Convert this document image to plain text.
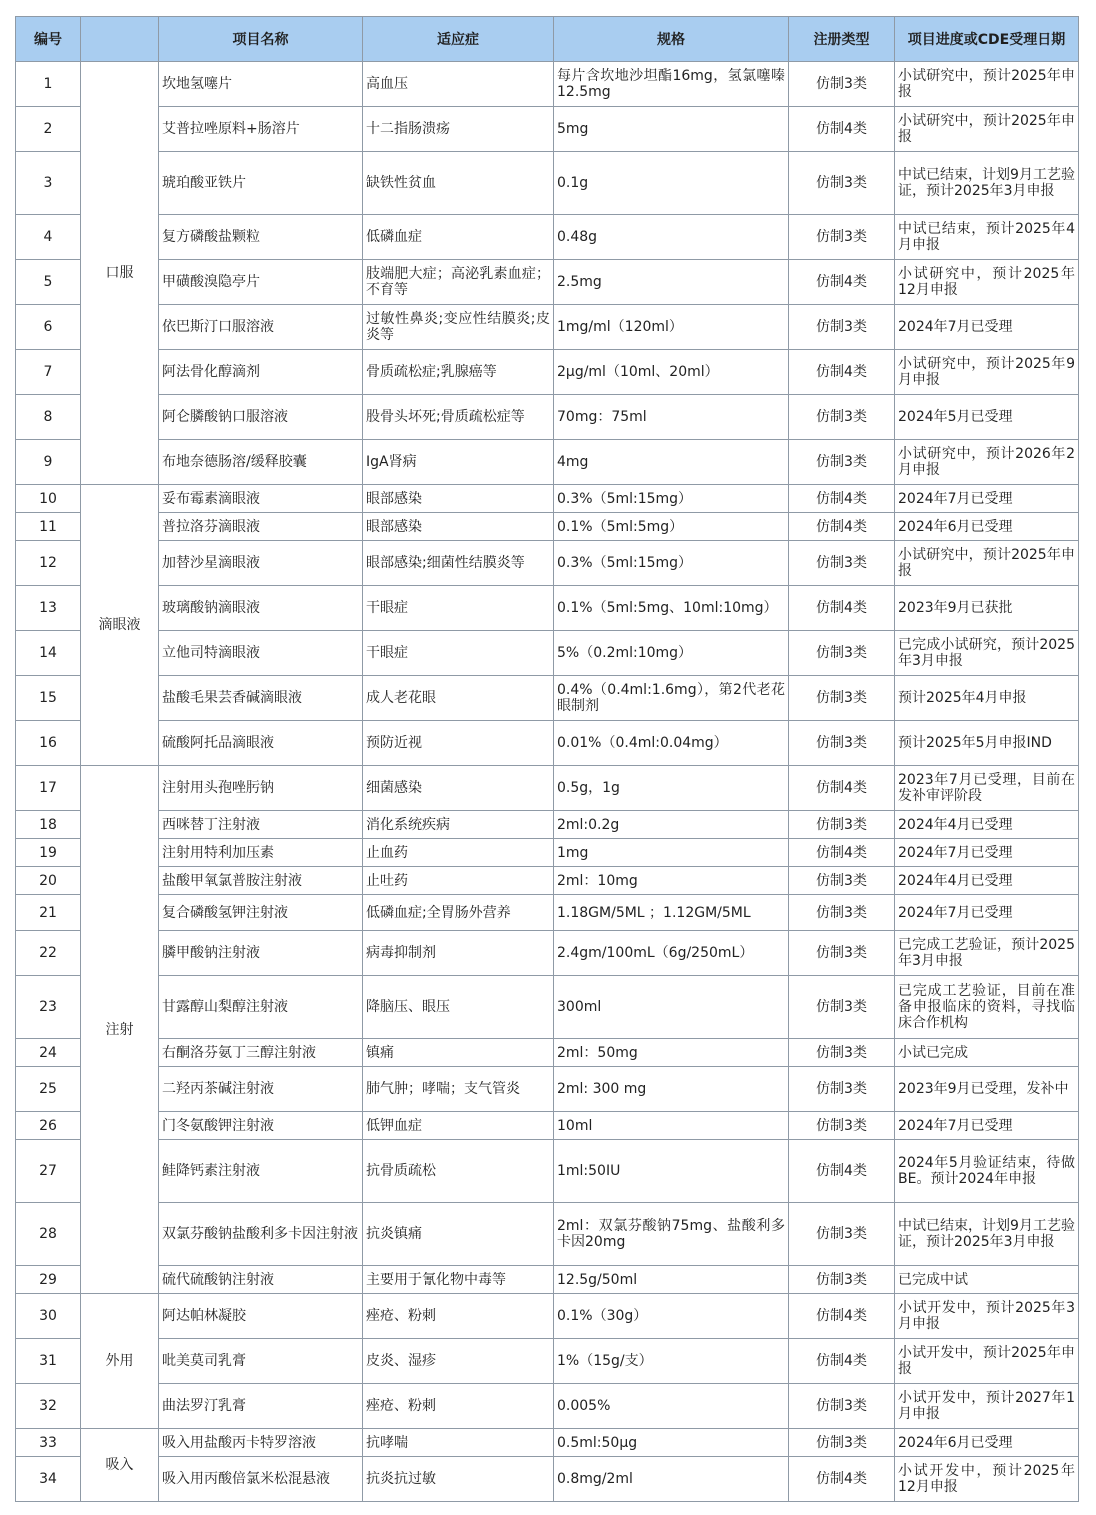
编号		项目名称	适应症	规格	注册类型	项目进度或CDE受理日期
1	口服	坎地氢噻片	高血压	每片含坎地沙坦酯16mg，氢氯噻嗪12.5mg	仿制3类	小试研究中，预计2025年申报
2		艾普拉唑原料+肠溶片	十二指肠溃疡	5mg	仿制4类	小试研究中，预计2025年申报
3		琥珀酸亚铁片	缺铁性贫血	0.1g	仿制3类	中试已结束，计划9月工艺验证，预计2025年3月申报
4		复方磷酸盐颗粒	低磷血症	0.48g	仿制3类	中试已结束，预计2025年4月申报
5		甲磺酸溴隐亭片	肢端肥大症；高泌乳素血症；不育等	2.5mg	仿制4类	小试研究中，预计2025年12月申报
6		依巴斯汀口服溶液	过敏性鼻炎;变应性结膜炎;皮炎等	1mg/ml（120ml）	仿制3类	2024年7月已受理
7		阿法骨化醇滴剂	骨质疏松症;乳腺癌等	2μg/ml（10ml、20ml）	仿制4类	小试研究中，预计2025年9月申报
8		阿仑膦酸钠口服溶液	股骨头坏死;骨质疏松症等	70mg：75ml	仿制3类	2024年5月已受理
9		布地奈德肠溶/缓释胶囊	IgA肾病	4mg	仿制3类	小试研究中，预计2026年2月申报
10	滴眼液	妥布霉素滴眼液	眼部感染	0.3%（5ml:15mg）	仿制4类	2024年7月已受理
11		普拉洛芬滴眼液	眼部感染	0.1%（5ml:5mg）	仿制4类	2024年6月已受理
12		加替沙星滴眼液	眼部感染;细菌性结膜炎等	0.3%（5ml:15mg）	仿制3类	小试研究中，预计2025年申报
13		玻璃酸钠滴眼液	干眼症	0.1%（5ml:5mg、10ml:10mg）	仿制4类	2023年9月已获批
14		立他司特滴眼液	干眼症	5%（0.2ml:10mg）	仿制3类	已完成小试研究，预计2025年3月申报
15		盐酸毛果芸香碱滴眼液	成人老花眼	0.4%（0.4ml:1.6mg），第2代老花眼制剂	仿制3类	预计2025年4月申报
16		硫酸阿托品滴眼液	预防近视	0.01%（0.4ml:0.04mg）	仿制3类	预计2025年5月申报IND
17	注射	注射用头孢唑肟钠	细菌感染	0.5g，1g	仿制4类	2023年7月已受理，目前在发补审评阶段
18		西咪替丁注射液	消化系统疾病	2ml:0.2g	仿制3类	2024年4月已受理
19		注射用特利加压素	止血药	1mg	仿制4类	2024年7月已受理
20		盐酸甲氧氯普胺注射液	止吐药	2ml：10mg	仿制3类	2024年4月已受理
21		复合磷酸氢钾注射液	低磷血症;全胃肠外营养	1.18GM/5ML ；1.12GM/5ML	仿制3类	2024年7月已受理
22		膦甲酸钠注射液	病毒抑制剂	2.4gm/100mL（6g/250mL）	仿制3类	已完成工艺验证，预计2025年3月申报
23		甘露醇山梨醇注射液	降脑压、眼压	300ml	仿制3类	已完成工艺验证，目前在准备申报临床的资料，寻找临床合作机构
24		右酮洛芬氨丁三醇注射液	镇痛	2ml：50mg	仿制3类	小试已完成
25		二羟丙茶碱注射液	肺气肿；哮喘；支气管炎	2ml: 300 mg	仿制3类	2023年9月已受理，发补中
26		门冬氨酸钾注射液	低钾血症	10ml	仿制3类	2024年7月已受理
27		鲑降钙素注射液	抗骨质疏松	1ml:50IU	仿制4类	2024年5月验证结束，待做BE。预计2024年申报
28		双氯芬酸钠盐酸利多卡因注射液	抗炎镇痛	2ml：双氯芬酸钠75mg、盐酸利多卡因20mg	仿制3类	中试已结束，计划9月工艺验证，预计2025年3月申报
29		硫代硫酸钠注射液	主要用于氰化物中毒等	12.5g/50ml	仿制3类	已完成中试
30	外用	阿达帕林凝胶	痤疮、粉刺	0.1%（30g）	仿制4类	小试开发中，预计2025年3月申报
31		吡美莫司乳膏	皮炎、湿疹	1%（15g/支）	仿制4类	小试开发中，预计2025年申报
32		曲法罗汀乳膏	痤疮、粉刺	0.005%	仿制3类	小试开发中，预计2027年1月申报
33	吸入	吸入用盐酸丙卡特罗溶液	抗哮喘	0.5ml:50μg	仿制3类	2024年6月已受理
34		吸入用丙酸倍氯米松混悬液	抗炎抗过敏	0.8mg/2ml	仿制4类	小试开发中，预计2025年12月申报
